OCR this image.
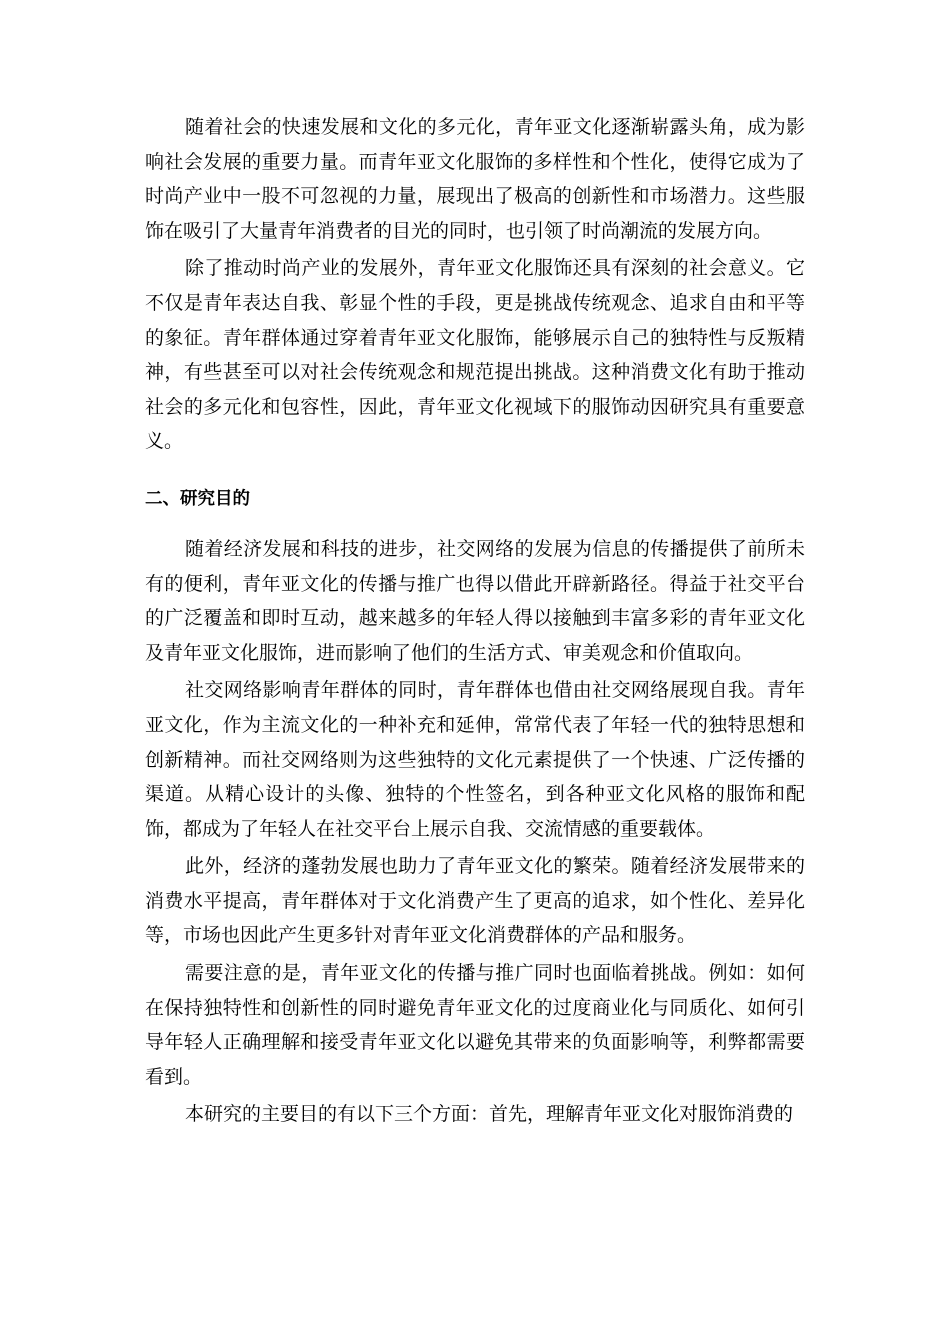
随着社会的快速发展和文化的多元化，青年亚文化逐渐崭露头角，成为影响社会发展的重要力量。而青年亚文化服饰的多样性和个性化，使得它成为了时尚产业中一股不可忽视的力量，展现出了极高的创新性和市场潜力。这些服饰在吸引了大量青年消费者的目光的同时，也引领了时尚潮流的发展方向。

除了推动时尚产业的发展外，青年亚文化服饰还具有深刻的社会意义。它不仅是青年表达自我、彰显个性的手段，更是挑战传统观念、追求自由和平等的象征。青年群体通过穿着青年亚文化服饰，能够展示自己的独特性与反叛精神，有些甚至可以对社会传统观念和规范提出挑战。这种消费文化有助于推动社会的多元化和包容性，因此，青年亚文化视域下的服饰动因研究具有重要意义。

二、研究目的

随着经济发展和科技的进步，社交网络的发展为信息的传播提供了前所未有的便利，青年亚文化的传播与推广也得以借此开辟新路径。得益于社交平台的广泛覆盖和即时互动，越来越多的年轻人得以接触到丰富多彩的青年亚文化及青年亚文化服饰，进而影响了他们的生活方式、审美观念和价值取向。

社交网络影响青年群体的同时，青年群体也借由社交网络展现自我。青年亚文化，作为主流文化的一种补充和延伸，常常代表了年轻一代的独特思想和创新精神。而社交网络则为这些独特的文化元素提供了一个快速、广泛传播的渠道。从精心设计的头像、独特的个性签名，到各种亚文化风格的服饰和配饰，都成为了年轻人在社交平台上展示自我、交流情感的重要载体。

此外，经济的蓬勃发展也助力了青年亚文化的繁荣。随着经济发展带来的消费水平提高，青年群体对于文化消费产生了更高的追求，如个性化、差异化等，市场也因此产生更多针对青年亚文化消费群体的产品和服务。

需要注意的是，青年亚文化的传播与推广同时也面临着挑战。例如：如何在保持独特性和创新性的同时避免青年亚文化的过度商业化与同质化、如何引导年轻人正确理解和接受青年亚文化以避免其带来的负面影响等，利弊都需要看到。

本研究的主要目的有以下三个方面：首先，理解青年亚文化对服饰消费的
